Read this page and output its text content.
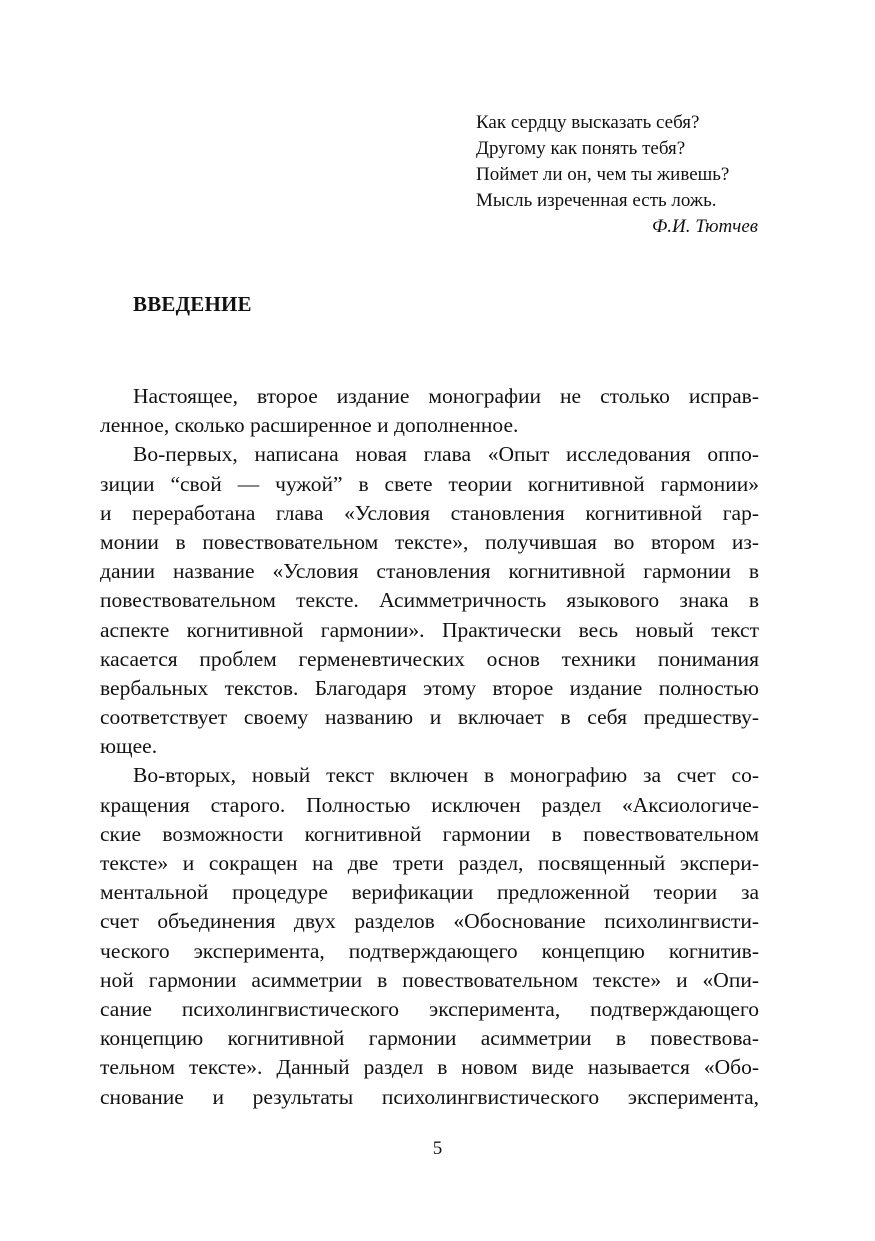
Как сердцу высказать себя?
Другому как понять тебя?
Поймет ли он, чем ты живешь?
Мысль изреченная есть ложь.
Ф.И. Тютчев
ВВЕДЕНИЕ
Настоящее, второе издание монографии не столько исправ-
ленное, сколько расширенное и дополненное.
Во-первых, написана новая глава «Опыт исследования оппо-
зиции “свой — чужой” в свете теории когнитивной гармонии»
и переработана глава «Условия становления когнитивной гар-
монии в повествовательном тексте», получившая во втором из-
дании название «Условия становления когнитивной гармонии в
повествовательном тексте. Асимметричность языкового знака в
аспекте когнитивной гармонии». Практически весь новый текст
касается проблем герменевтических основ техники понимания
вербальных текстов. Благодаря этому второе издание полностью
соответствует своему названию и включает в себя предшеству-
ющее.
Во-вторых, новый текст включен в монографию за счет со-
кращения старого. Полностью исключен раздел «Аксиологиче-
ские возможности когнитивной гармонии в повествовательном
тексте» и сокращен на две трети раздел, посвященный экспери-
ментальной процедуре верификации предложенной теории за
счет объединения двух разделов «Обоснование психолингвисти-
ческого эксперимента, подтверждающего концепцию когнитив-
ной гармонии асимметрии в повествовательном тексте» и «Опи-
сание психолингвистического эксперимента, подтверждающего
концепцию когнитивной гармонии асимметрии в повествова-
тельном тексте». Данный раздел в новом виде называется «Обо-
снование и результаты психолингвистического эксперимента,
5
